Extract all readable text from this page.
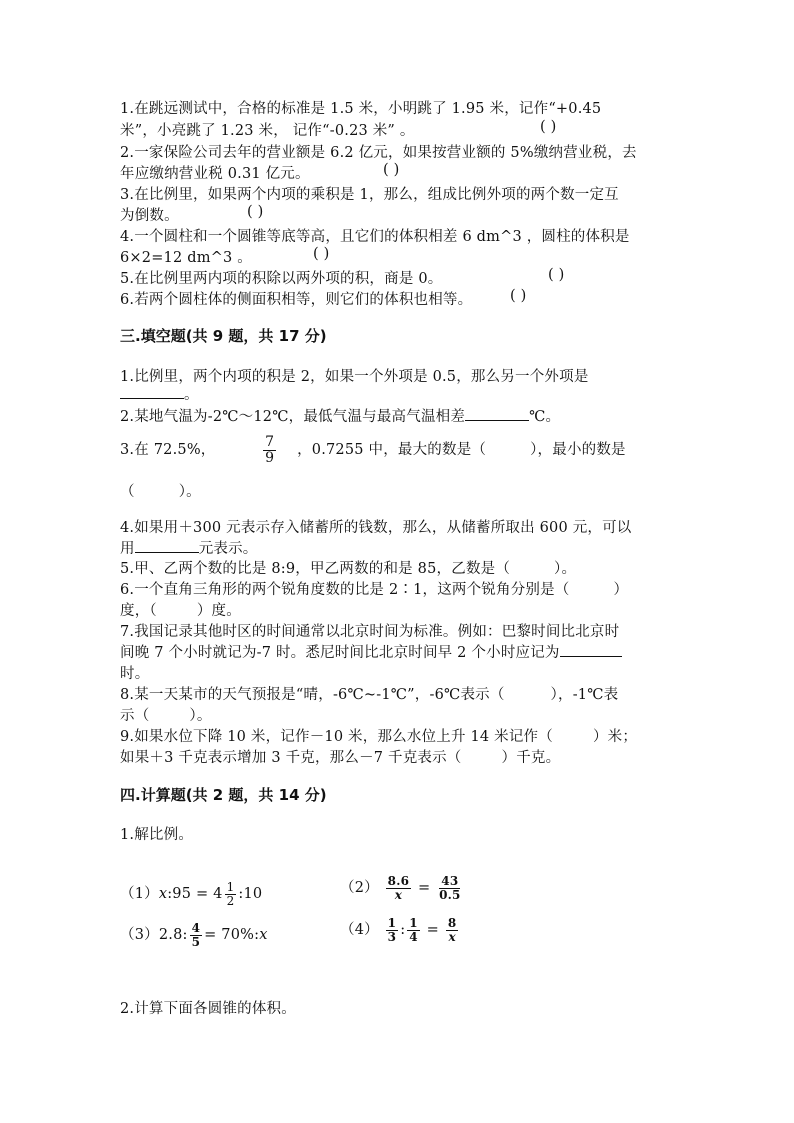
1.在跳远测试中，合格的标准是 1.5 米，小明跳了 1.95 米，记作“+0.45
米”，小亮跳了 1.23 米， 记作“-0.23 米” 。	( )
2.一家保险公司去年的营业额是 6.2 亿元，如果按营业额的 5%缴纳营业税，去
年应缴纳营业税 0.31 亿元。	( )
3.在比例里，如果两个内项的乘积是 1，那么，组成比例外项的两个数一定互
为倒数。	( )
4.一个圆柱和一个圆锥等底等高，且它们的体积相差 6 dm^3 ，圆柱的体积是
6×2=12 dm^3 。	( )
5.在比例里两内项的积除以两外项的积，商是 0。	( )
6.若两个圆柱体的侧面积相等，则它们的体积也相等。	( )
三.填空题(共 9 题，共 17 分)
1.比例里，两个内项的积是 2，如果一个外项是 0.5，那么另一个外项是
。
2.某地气温为-2℃～12℃，最低气温与最高气温相差	℃。
3.在 72.5%，	$\frac{7}{9}$ ，0.7255 中，最大的数是（	），最小的数是
（	）。
4.如果用＋300 元表示存入储蓄所的钱数，那么，从储蓄所取出 600 元，可以
用	元表示。
5.甲、乙两个数的比是 8:9，甲乙两数的和是 85，乙数是（	）。
6.一个直角三角形的两个锐角度数的比是 2∶1，这两个锐角分别是（	）
度，（	）度。
7.我国记录其他时区的时间通常以北京时间为标准。例如：巴黎时间比北京时
间晚 7 个小时就记为-7 时。悉尼时间比北京时间早 2 个小时应记为
时。
8.某一天某市的天气预报是“晴，-6℃~-1℃”，-6℃表示（	），-1℃表
示（	）。
9.如果水位下降 10 米，记作－10 米，那么水位上升 14 米记作（	）米；
如果＋3 千克表示增加 3 千克，那么－7 千克表示（	）千克。
四.计算题(共 2 题，共 14 分)
1.解比例。
（1）x:95 = $4 \frac{1}{2}$ :10	$(2) \frac{8.6}{x} = \frac{43}{0.5}$
（3）2.8: $\frac{4}{5}$ = 70%:x	$(4) \frac{1}{3}$ : $\frac{1}{4} = \frac{8}{x}$
2.计算下面各圆锥的体积。
